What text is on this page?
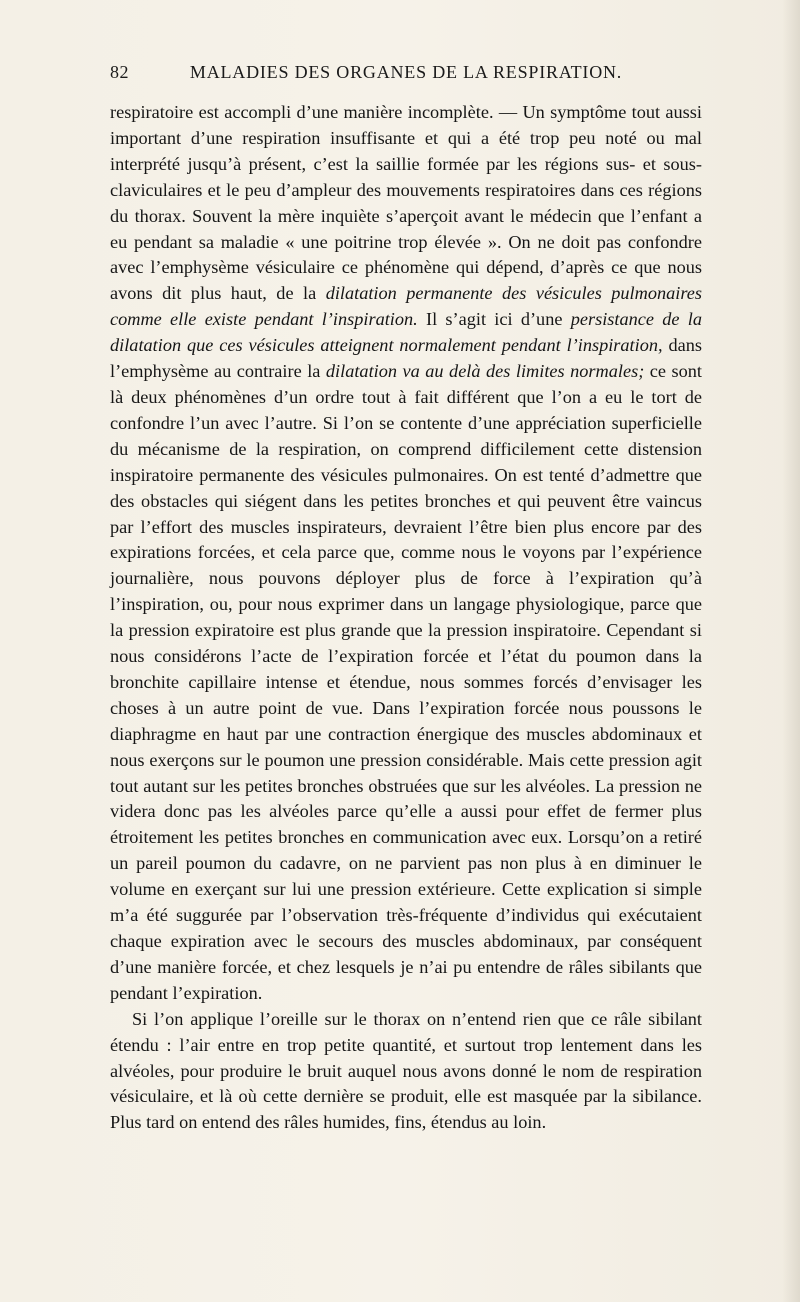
82	MALADIES DES ORGANES DE LA RESPIRATION.

respiratoire est accompli d’une manière incomplète. — Un symptôme tout aussi important d’une respiration insuffisante et qui a été trop peu noté ou mal interprété jusqu’à présent, c’est la saillie formée par les régions sus- et sous-claviculaires et le peu d’ampleur des mouvements respiratoires dans ces régions du thorax. Souvent la mère inquiète s’aperçoit avant le médecin que l’enfant a eu pendant sa maladie « une poitrine trop élevée ». On ne doit pas confondre avec l’emphysème vésiculaire ce phénomène qui dépend, d’après ce que nous avons dit plus haut, de la dilatation permanente des vésicules pulmonaires comme elle existe pendant l’inspiration. Il s’agit ici d’une persistance de la dilatation que ces vésicules atteignent normalement pendant l’inspiration, dans l’emphysème au contraire la dilatation va au delà des limites normales; ce sont là deux phénomènes d’un ordre tout à fait différent que l’on a eu le tort de confondre l’un avec l’autre. Si l’on se contente d’une appréciation superficielle du mécanisme de la respiration, on comprend difficilement cette distension inspiratoire permanente des vésicules pulmonaires. On est tenté d’admettre que des obstacles qui siégent dans les petites bronches et qui peuvent être vaincus par l’effort des muscles inspirateurs, devraient l’être bien plus encore par des expirations forcées, et cela parce que, comme nous le voyons par l’expérience journalière, nous pouvons déployer plus de force à l’expiration qu’à l’inspiration, ou, pour nous exprimer dans un langage physiologique, parce que la pression expiratoire est plus grande que la pression inspiratoire. Cependant si nous considérons l’acte de l’expiration forcée et l’état du poumon dans la bronchite capillaire intense et étendue, nous sommes forcés d’envisager les choses à un autre point de vue. Dans l’expiration forcée nous poussons le diaphragme en haut par une contraction énergique des muscles abdominaux et nous exerçons sur le poumon une pression considérable. Mais cette pression agit tout autant sur les petites bronches obstruées que sur les alvéoles. La pression ne videra donc pas les alvéoles parce qu’elle a aussi pour effet de fermer plus étroitement les petites bronches en communication avec eux. Lorsqu’on a retiré un pareil poumon du cadavre, on ne parvient pas non plus à en diminuer le volume en exerçant sur lui une pression extérieure. Cette explication si simple m’a été suggurée par l’observation très-fréquente d’individus qui exécutaient chaque expiration avec le secours des muscles abdominaux, par conséquent d’une manière forcée, et chez lesquels je n’ai pu entendre de râles sibilants que pendant l’expiration.

Si l’on applique l’oreille sur le thorax on n’entend rien que ce râle sibilant étendu : l’air entre en trop petite quantité, et surtout trop lentement dans les alvéoles, pour produire le bruit auquel nous avons donné le nom de respiration vésiculaire, et là où cette dernière se produit, elle est masquée par la sibilance. Plus tard on entend des râles humides, fins, étendus au loin.
